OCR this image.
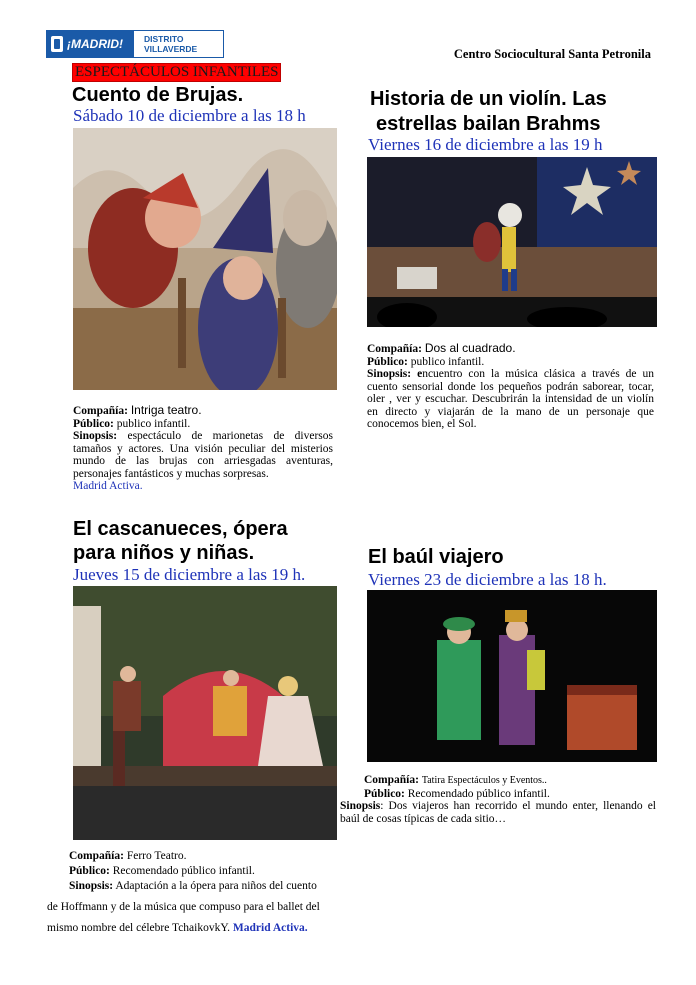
¡MADRID! DISTRITO
VILLAVERDE	Centro Sociocultural Santa Petronila
ESPECTÁCULOS INFANTILES
Cuento de Brujas.
Sábado 10 de diciembre a las 18 h
Compañía: Intriga teatro.
Público: publico infantil.
Sinopsis: espectáculo de marionetas de diversos tamaños y actores. Una visión peculiar del misterios mundo de las brujas con arriesgadas aventuras, personajes fantásticos y muchas sorpresas.
Madrid Activa.
Historia de un violín. Las
estrellas bailan Brahms
Viernes 16 de diciembre a las 19 h
Compañía: Dos al cuadrado.
Público: publico infantil.
Sinopsis: encuentro con la música clásica a través de un cuento sensorial donde los pequeños podrán saborear, tocar, oler , ver y escuchar. Descubrirán la intensidad de un violín en directo y viajarán de la mano de un personaje que conocemos bien, el Sol.
El cascanueces, ópera
para niños y niñas.
Jueves 15 de diciembre a las 19 h.
Compañía: Ferro Teatro.
Público: Recomendado público infantil.
Sinopsis: Adaptación a la ópera para niños del cuento
de Hoffmann y de la música que compuso para el ballet del
mismo nombre del célebre TchaikovkY. Madrid Activa.
El baúl viajero
Viernes 23 de diciembre a las 18 h.
Compañía: Tatira Espectáculos y Eventos..
Público: Recomendado público infantil.
Sinopsis: Dos viajeros han recorrido el mundo enter, llenando el baúl de cosas típicas de cada sitio…
